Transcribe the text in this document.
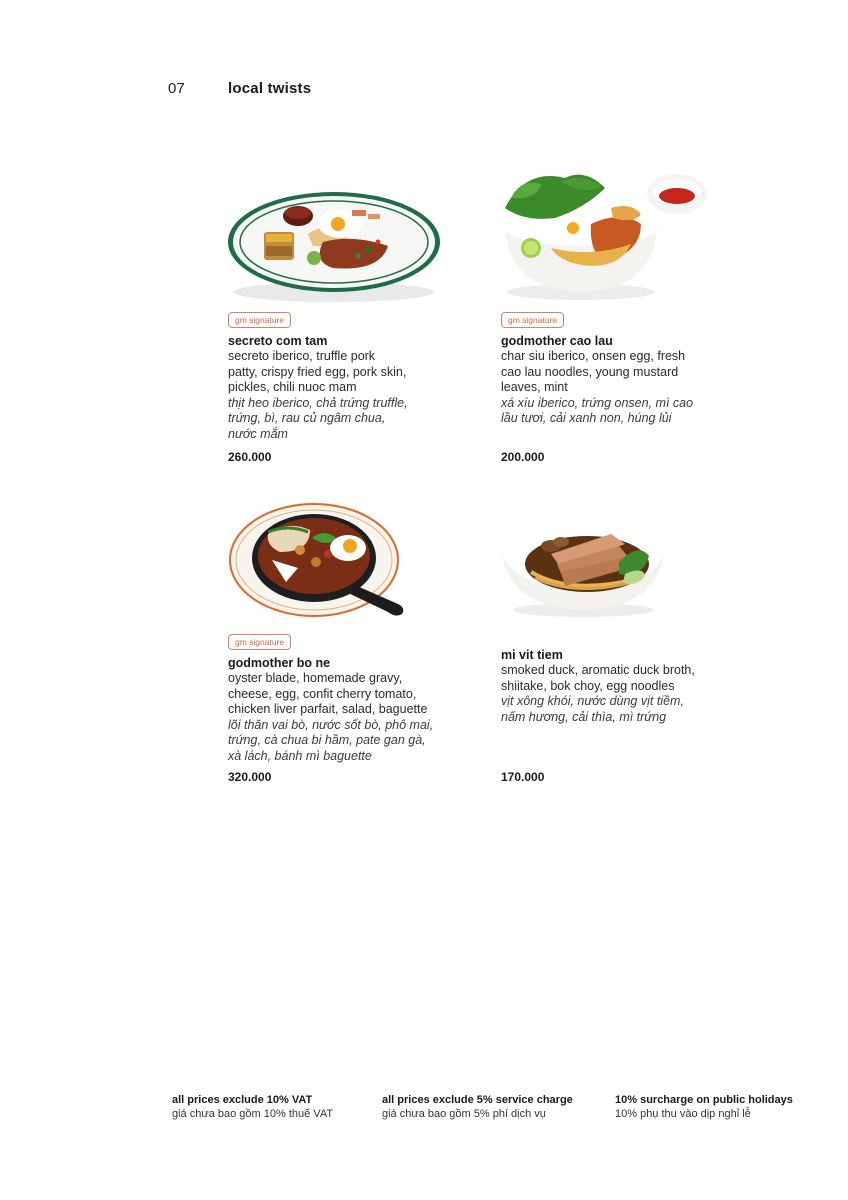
07	local twists
gm signature
secreto com tam
secreto iberico, truffle pork
patty, crispy fried egg, pork skin,
pickles, chili nuoc mam
thịt heo iberico, chả trứng truffle,
trứng, bì, rau củ ngâm chua,
nước mắm
260.000
gm signature
godmother cao lau
char siu iberico, onsen egg, fresh
cao lau noodles, young mustard
leaves, mint
xá xíu iberico, trứng onsen, mì cao
lầu tươi, cải xanh non, húng lủi
200.000
gm signature
godmother bo ne
oyster blade, homemade gravy,
cheese, egg, confit cherry tomato,
chicken liver parfait, salad, baguette
lõi thăn vai bò, nước sốt bò, phô mai,
trứng, cà chua bi hầm, pate gan gà,
xà lách, bánh mì baguette
320.000
mi vit tiem
smoked duck, aromatic duck broth,
shiitake, bok choy, egg noodles
vịt xông khói, nước dùng vịt tiềm,
nấm hương, cải thìa, mì trứng
170.000
all prices exclude 10% VAT
giá chưa bao gồm 10% thuế VAT
all prices exclude 5% service charge
giá chưa bao gồm 5% phí dịch vụ
10% surcharge on public holidays
10% phụ thu vào dịp nghỉ lễ
